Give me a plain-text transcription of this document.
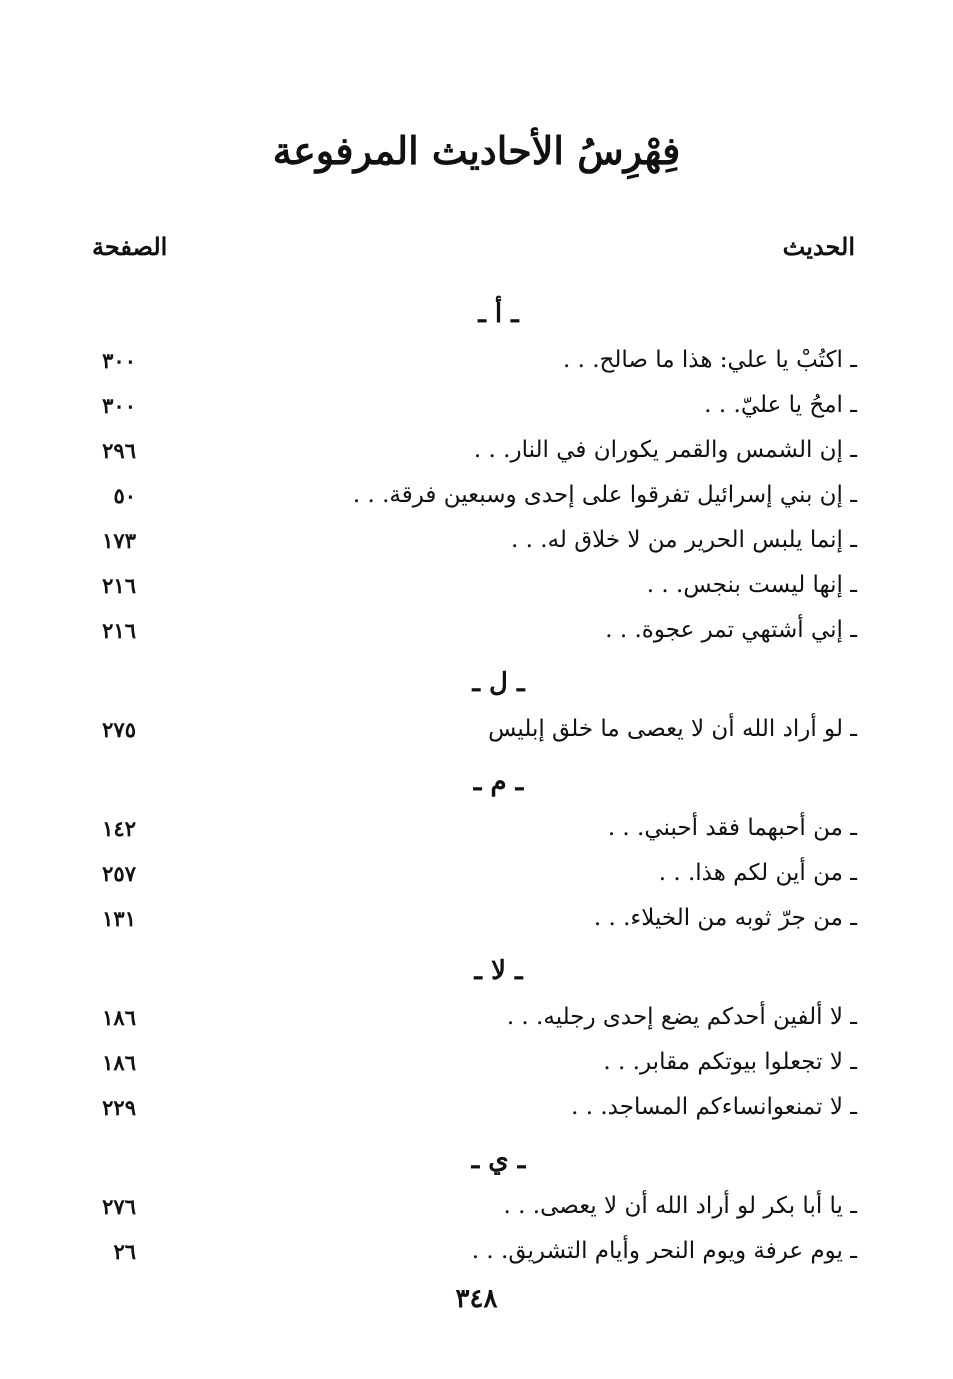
فِهْرِسُ الأحاديث المرفوعة
الحديث
الصفحة
ـ أ ـ
ـ اكتُبْ يا علي: هذا ما صالح. . .
٣٠٠
ـ امحُ يا عليّ. . .
٣٠٠
ـ إن الشمس والقمر يكوران في النار. . .
٢٩٦
ـ إن بني إسرائيل تفرقوا على إحدى وسبعين فرقة. . .
٥٠
ـ إنما يلبس الحرير من لا خلاق له. . .
١٧٣
ـ إنها ليست بنجس. . .
٢١٦
ـ إني أشتهي تمر عجوة. . .
٢١٦
ـ ل ـ
ـ لو أراد الله أن لا يعصى ما خلق إبليس
٢٧٥
ـ م ـ
ـ من أحبهما فقد أحبني. . .
١٤٢
ـ من أين لكم هذا. . .
٢٥٧
ـ من جرّ ثوبه من الخيلاء. . .
١٣١
ـ لا ـ
ـ لا ألفين أحدكم يضع إحدى رجليه. . .
١٨٦
ـ لا تجعلوا بيوتكم مقابر. . .
١٨٦
ـ لا تمنعوانساءكم المساجد. . .
٢٢٩
ـ ي ـ
ـ يا أبا بكر لو أراد الله أن لا يعصى. . .
٢٧٦
ـ يوم عرفة ويوم النحر وأيام التشريق. . .
٢٦
٣٤٨
